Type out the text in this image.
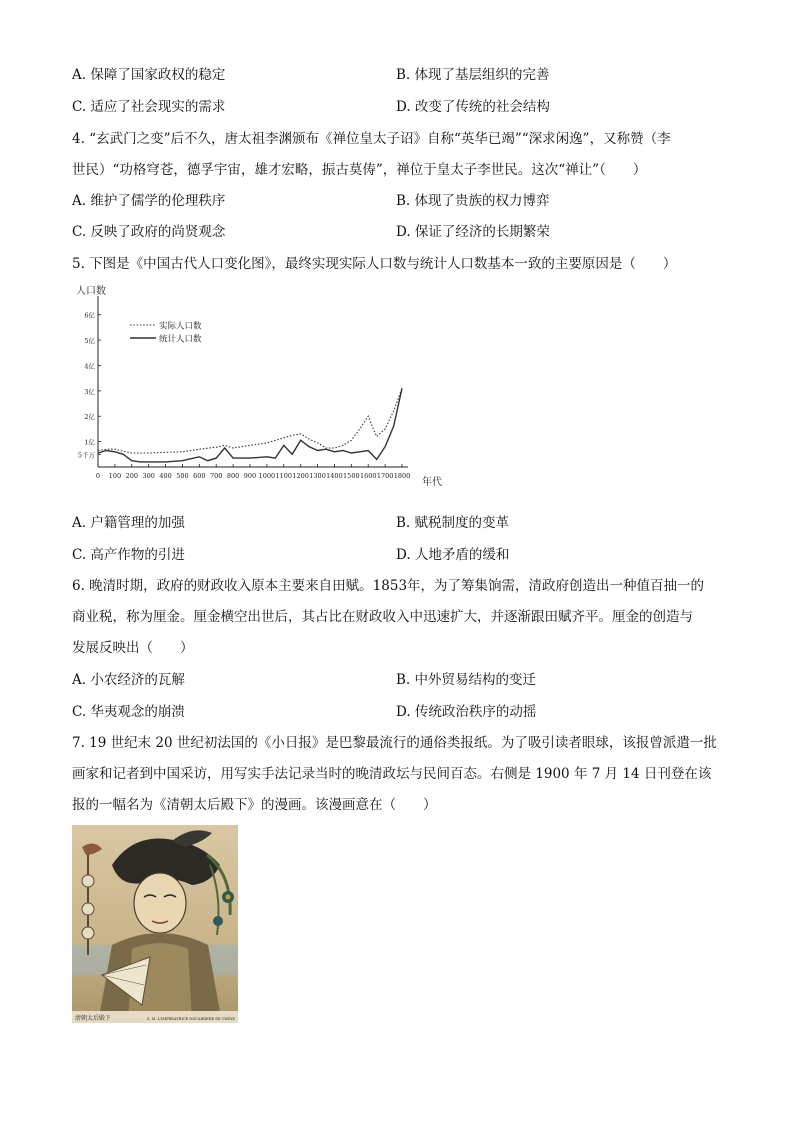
A. 保障了国家政权的稳定	B. 体现了基层组织的完善
C. 适应了社会现实的需求	D. 改变了传统的社会结构
4. “玄武门之变”后不久，唐太祖李渊颁布《禅位皇太子诏》自称“英华已竭”“深求闲逸”，又称赞（李
世民）“功格穹苍，德孚宇宙，雄才宏略，振古莫俦”，禅位于皇太子李世民。这次“禅让”（　　）
A. 维护了儒学的伦理秩序	B. 体现了贵族的权力博弈
C. 反映了政府的尚贤观念	D. 保证了经济的长期繁荣
5. 下图是《中国古代人口变化图》，最终实现实际人口数与统计人口数基本一致的主要原因是（　　）
人口数
年代
5千万
1亿
2亿
3亿
4亿
5亿
6亿
0 100 200 300 400 500 600 700 800 900 1000 1100 1200 1300 1400 1500 1600 1700 1800
实际人口数
统计人口数
A. 户籍管理的加强	B. 赋税制度的变革
C. 高产作物的引进	D. 人地矛盾的缓和
6. 晚清时期，政府的财政收入原本主要来自田赋。1853年，为了筹集饷需，清政府创造出一种值百抽一的
商业税，称为厘金。厘金横空出世后，其占比在财政收入中迅速扩大，并逐渐跟田赋齐平。厘金的创造与
发展反映出（　　）
A. 小农经济的瓦解	B. 中外贸易结构的变迁
C. 华夷观念的崩溃	D. 传统政治秩序的动摇
7. 19 世纪末 20 世纪初法国的《小日报》是巴黎最流行的通俗类报纸。为了吸引读者眼球，该报曾派遣一批
画家和记者到中国采访，用写实手法记录当时的晚清政坛与民间百态。右侧是 1900 年 7 月 14 日刊登在该
报的一幅名为《清朝太后殿下》的漫画。该漫画意在（　　）
清朝太后殿下	S. M. L'IMPERATRICE DOUAIRIERE DE CHINE
